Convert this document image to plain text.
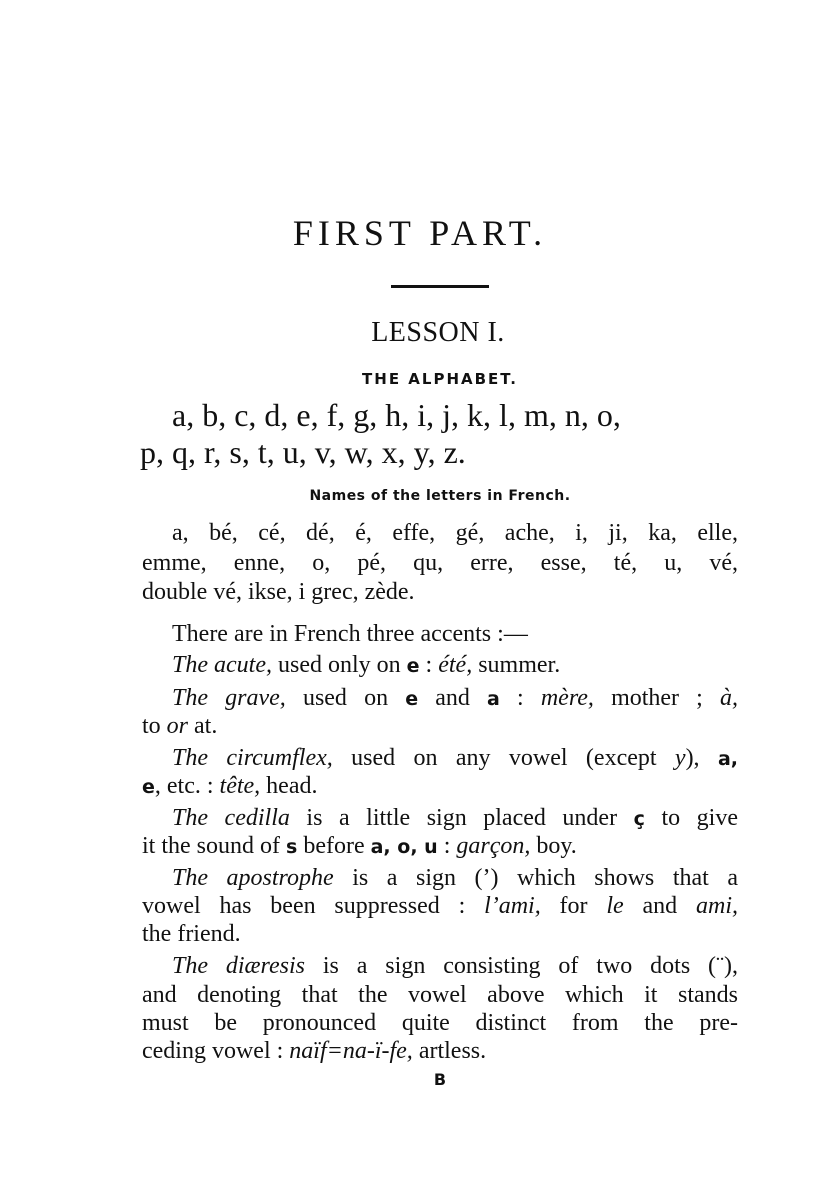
FIRST PART.
LESSON I.
THE ALPHABET.
a, b, c, d, e, f, g, h, i, j, k, l, m, n, o,
p, q, r, s, t, u, v, w, x, y, z.
Names of the letters in French.
a, bé, cé, dé, é, effe, gé, ache, i, ji, ka, elle,
emme, enne, o, pé, qu, erre, esse, té, u, vé,
double vé, ikse, i grec, zède.
There are in French three accents :—
The acute, used only on e : été, summer.
The grave, used on e and a : mère, mother ; à,
to or at.
The circumflex, used on any vowel (except y), a,
e, etc. : tête, head.
The cedilla is a little sign placed under ç to give
it the sound of s before a, o, u : garçon, boy.
The apostrophe is a sign (’) which shows that a
vowel has been suppressed : l’ami, for le and ami,
the friend.
The diæresis is a sign consisting of two dots (¨),
and denoting that the vowel above which it stands
must be pronounced quite distinct from the pre-
ceding vowel : naïf=na-ï-fe, artless.
B
